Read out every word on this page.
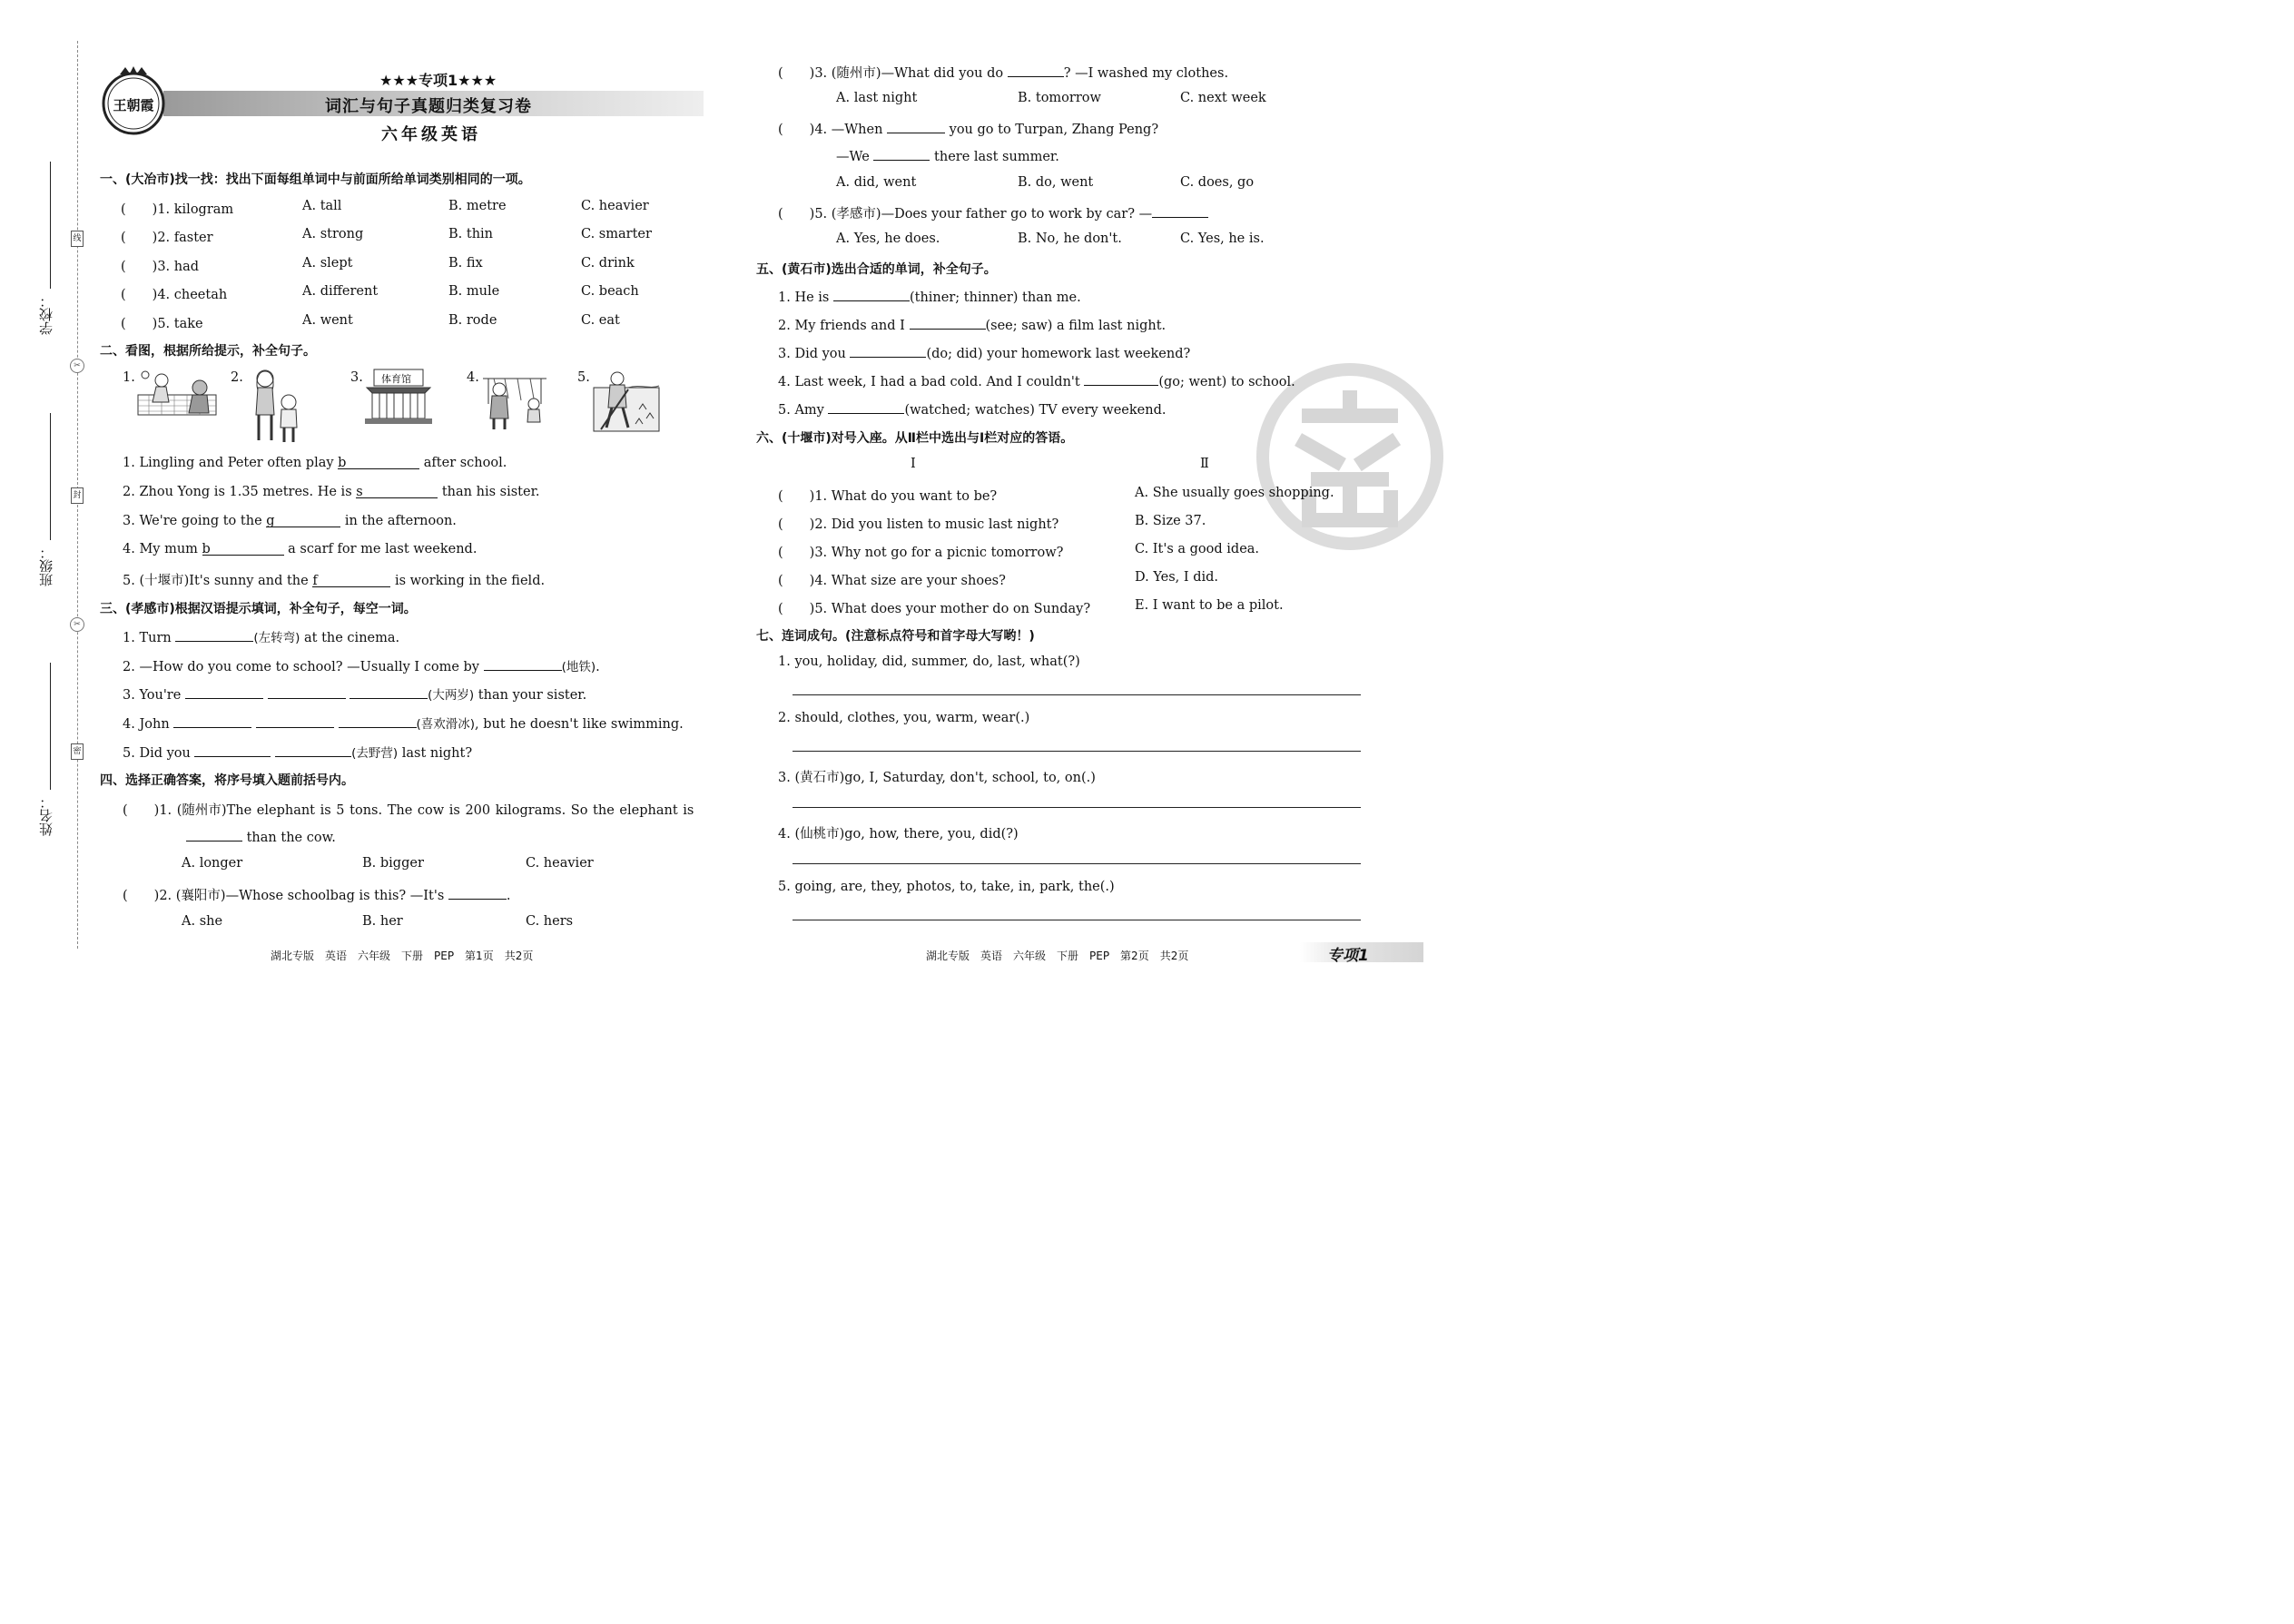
学校：
班级：
姓名：
线
封
密
✂
✂
王朝霞
★★★专项1★★★
词汇与句子真题归类复习卷
六年级英语
一、(大冶市)找一找：找出下面每组单词中与前面所给单词类别相同的一项。
(　　)1. kilogram	A. tall	B. metre	C. heavier
(　　)2. faster	A. strong	B. thin	C. smarter
(　　)3. had	A. slept	B. fix	C. drink
(　　)4. cheetah	A. different	B. mule	C. beach
(　　)5. take	A. went	B. rode	C. eat
二、看图，根据所给提示，补全句子。
1.	2.	3. 体育馆	4.	5.
1. Lingling and Peter often play b	after school.
2. Zhou Yong is 1.35 metres. He is s	than his sister.
3. We're going to the g	in the afternoon.
4. My mum b	a scarf for me last weekend.
5. (十堰市)It's sunny and the f	is working in the field.
三、(孝感市)根据汉语提示填词，补全句子，每空一词。
1. Turn	(左转弯) at the cinema.
2. —How do you come to school? —Usually I come by	(地铁).
3. You're	(大两岁) than your sister.
4. John	(喜欢滑冰), but he doesn't like swimming.
5. Did you	(去野营) last night?
四、选择正确答案，将序号填入题前括号内。
(　　)1. (随州市)The elephant is 5 tons. The cow is 200 kilograms. So the elephant is
than the cow.
A. longer	B. bigger	C. heavier
(　　)2. (襄阳市)—Whose schoolbag is this? —It's	.
A. she	B. her	C. hers
湖北专版　英语　六年级　下册　PEP　第1页　共2页
(　　)3. (随州市)—What did you do	? —I washed my clothes.
A. last night	B. tomorrow	C. next week
(　　)4. —When	you go to Turpan, Zhang Peng?
—We	there last summer.
A. did, went	B. do, went	C. does, go
(　　)5. (孝感市)—Does your father go to work by car? —
A. Yes, he does.	B. No, he don't.	C. Yes, he is.
五、(黄石市)选出合适的单词，补全句子。
1. He is	(thiner; thinner) than me.
2. My friends and I	(see; saw) a film last night.
3. Did you	(do; did) your homework last weekend?
4. Last week, I had a bad cold. And I couldn't	(go; went) to school.
5. Amy	(watched; watches) TV every weekend.
六、(十堰市)对号入座。从Ⅱ栏中选出与Ⅰ栏对应的答语。
Ⅰ	Ⅱ
(　　)1. What do you want to be?	A. She usually goes shopping.
(　　)2. Did you listen to music last night?	B. Size 37.
(　　)3. Why not go for a picnic tomorrow?	C. It's a good idea.
(　　)4. What size are your shoes?	D. Yes, I did.
(　　)5. What does your mother do on Sunday?	E. I want to be a pilot.
七、连词成句。(注意标点符号和首字母大写哟！)
1. you, holiday, did, summer, do, last, what(?)
2. should, clothes, you, warm, wear(.)
3. (黄石市)go, I, Saturday, don't, school, to, on(.)
4. (仙桃市)go, how, there, you, did(?)
5. going, are, they, photos, to, take, in, park, the(.)
湖北专版　英语　六年级　下册　PEP　第2页　共2页	专项1
